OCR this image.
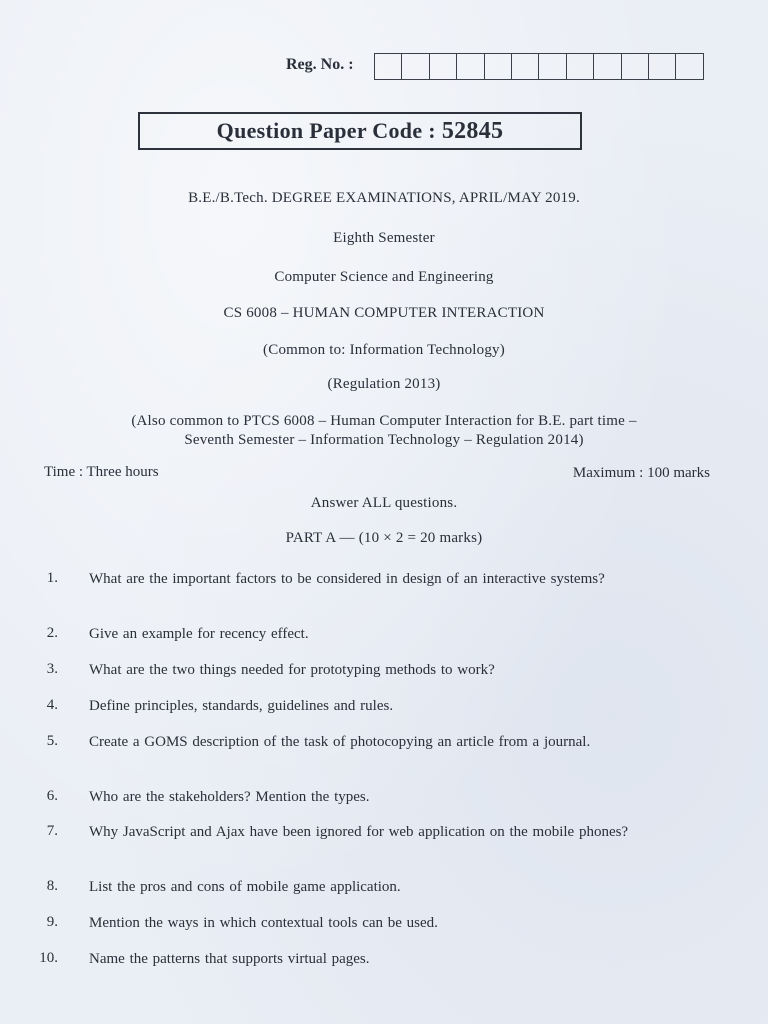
Reg. No. :
Question Paper Code : 52845
B.E./B.Tech. DEGREE EXAMINATIONS, APRIL/MAY 2019.
Eighth Semester
Computer Science and Engineering
CS 6008 – HUMAN COMPUTER INTERACTION
(Common to: Information Technology)
(Regulation 2013)
(Also common to PTCS 6008 – Human Computer Interaction for B.E. part time –
Seventh Semester – Information Technology – Regulation 2014)
Time : Three hours	Maximum : 100 marks
Answer ALL questions.
PART A — (10 × 2 = 20 marks)
1. What are the important factors to be considered in design of an interactive systems?
2. Give an example for recency effect.
3. What are the two things needed for prototyping methods to work?
4. Define principles, standards, guidelines and rules.
5. Create a GOMS description of the task of photocopying an article from a journal.
6. Who are the stakeholders? Mention the types.
7. Why JavaScript and Ajax have been ignored for web application on the mobile phones?
8. List the pros and cons of mobile game application.
9. Mention the ways in which contextual tools can be used.
10. Name the patterns that supports virtual pages.
